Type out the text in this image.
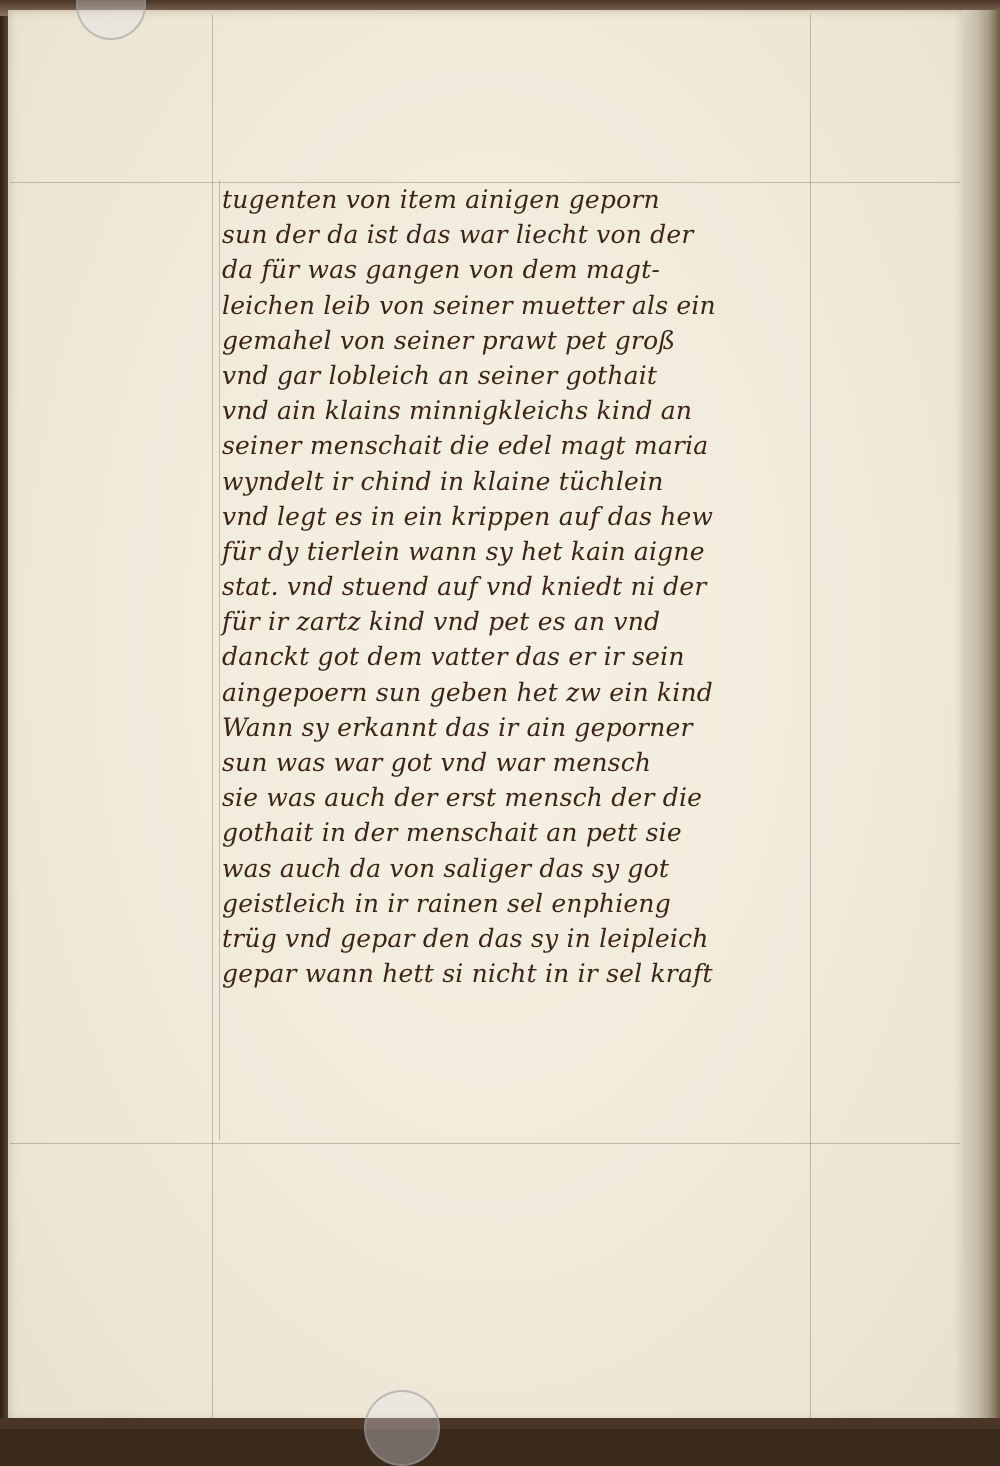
tugenten von item ainigen geporn
sun der da ist das war liecht von der
da für was gangen von dem magt-
leichen leib von seiner muetter als ein
gemahel von seiner prawt pet groß
vnd gar lobleich an seiner gothait
vnd ain klains minnigkleichs kind an
seiner menschait die edel magt maria
wyndelt ir chind in klaine tüchlein
vnd legt es in ein krippen auf das hew
für dy tierlein wann sy het kain aigne
stat. vnd stuend auf vnd kniedt ni der
für ir zartz kind vnd pet es an vnd
danckt got dem vatter das er ir sein
aingepoern sun geben het zw ein kind
Wann sy erkannt das ir ain geporner
sun was war got vnd war mensch
sie was auch der erst mensch der die
gothait in der menschait an pett sie
was auch da von saliger das sy got
geistleich in ir rainen sel enphieng
trüg vnd gepar den das sy in leipleich
gepar wann hett si nicht in ir sel kraft
